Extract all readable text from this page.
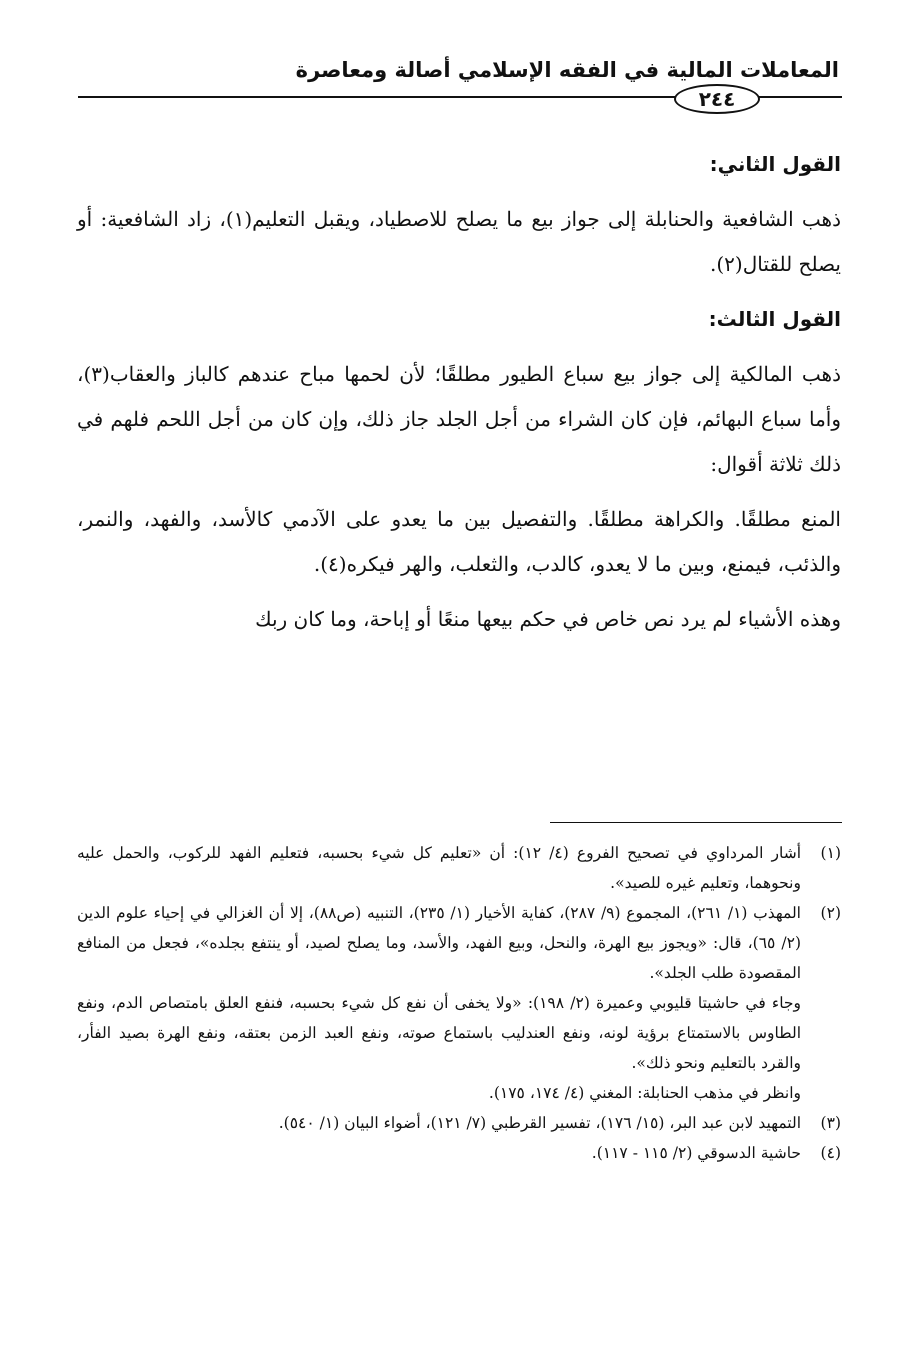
المعاملات المالية في الفقه الإسلامي أصالة ومعاصرة
٢٤٤

القول الثاني:

ذهب الشافعية والحنابلة إلى جواز بيع ما يصلح للاصطياد، ويقبل التعليم(١)، زاد الشافعية: أو يصلح للقتال(٢).

القول الثالث:

ذهب المالكية إلى جواز بيع سباع الطيور مطلقًا؛ لأن لحمها مباح عندهم كالباز والعقاب(٣)، وأما سباع البهائم، فإن كان الشراء من أجل الجلد جاز ذلك، وإن كان من أجل اللحم فلهم في ذلك ثلاثة أقوال:

المنع مطلقًا. والكراهة مطلقًا. والتفصيل بين ما يعدو على الآدمي كالأسد، والفهد، والنمر، والذئب، فيمنع، وبين ما لا يعدو، كالدب، والثعلب، والهر فيكره(٤).

وهذه الأشياء لم يرد نص خاص في حكم بيعها منعًا أو إباحة، وما كان ربك

(١)

أشار المرداوي في تصحيح الفروع (٤/ ١٢): أن «تعليم كل شيء بحسبه، فتعليم الفهد للركوب، والحمل عليه ونحوهما، وتعليم غيره للصيد».

(٢)

المهذب (١/ ٢٦١)، المجموع (٩/ ٢٨٧)، كفاية الأخيار (١/ ٢٣٥)، التنبيه (ص٨٨)، إلا أن الغزالي في إحياء علوم الدين (٢/ ٦٥)، قال: «ويجوز بيع الهرة، والنحل، وبيع الفهد، والأسد، وما يصلح لصيد، أو ينتفع بجلده»، فجعل من المنافع المقصودة طلب الجلد».

وجاء في حاشيتا قليوبي وعميرة (٢/ ١٩٨): «ولا يخفى أن نفع كل شيء بحسبه، فنفع العلق بامتصاص الدم، ونفع الطاوس بالاستمتاع برؤية لونه، ونفع العندليب باستماع صوته، ونفع العبد الزمن بعتقه، ونفع الهرة بصيد الفأر، والقرد بالتعليم ونحو ذلك».

وانظر في مذهب الحنابلة: المغني (٤/ ١٧٤، ١٧٥).

(٣)

التمهيد لابن عبد البر، (١٥/ ١٧٦)، تفسير القرطبي (٧/ ١٢١)، أضواء البيان (١/ ٥٤٠).

(٤)

حاشية الدسوقي (٢/ ١١٥ - ١١٧).
